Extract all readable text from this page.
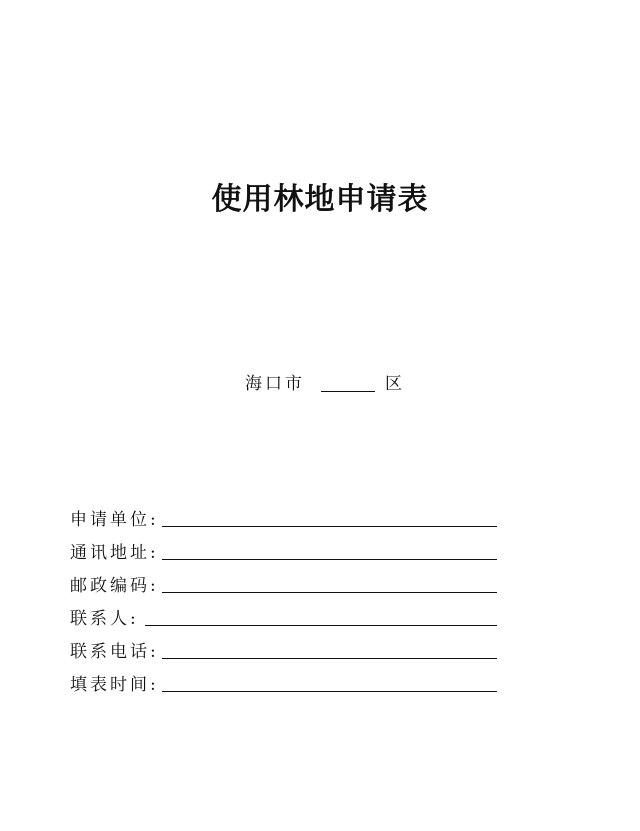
使用林地申请表
海口市	区
申请单位:
通讯地址:
邮政编码:
联系人:
联系电话:
填表时间:
